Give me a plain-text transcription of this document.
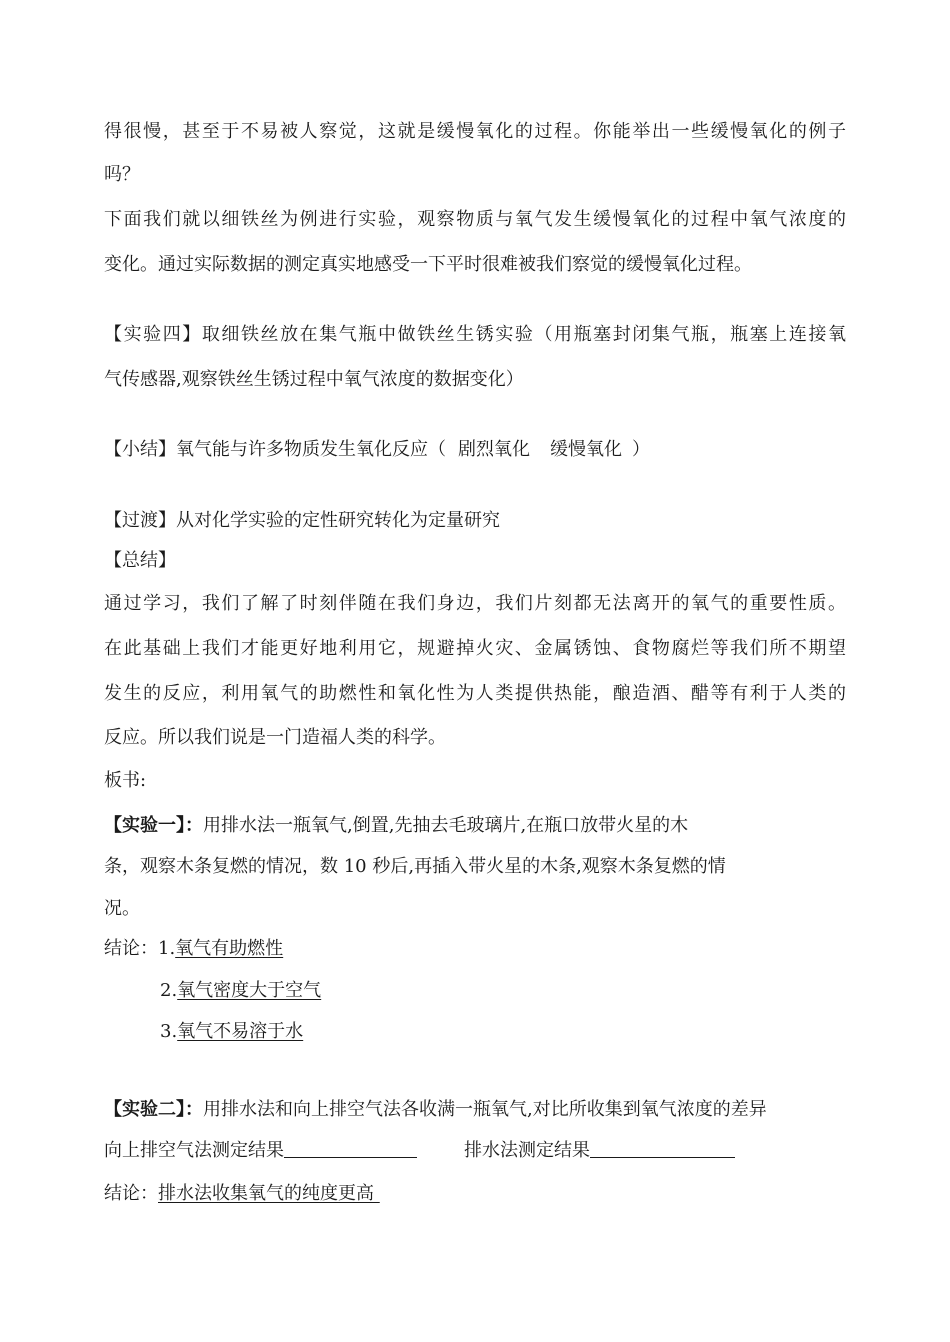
得很慢，甚至于不易被人察觉，这就是缓慢氧化的过程。你能举出一些缓慢氧化的例子
吗？
下面我们就以细铁丝为例进行实验，观察物质与氧气发生缓慢氧化的过程中氧气浓度的
变化。通过实际数据的测定真实地感受一下平时很难被我们察觉的缓慢氧化过程。
【实验四】取细铁丝放在集气瓶中做铁丝生锈实验（用瓶塞封闭集气瓶，瓶塞上连接氧
气传感器,观察铁丝生锈过程中氧气浓度的数据变化）
【小结】氧气能与许多物质发生氧化反应（ 剧烈氧化 缓慢氧化 ）
【过渡】从对化学实验的定性研究转化为定量研究
【总结】
通过学习，我们了解了时刻伴随在我们身边，我们片刻都无法离开的氧气的重要性质。
在此基础上我们才能更好地利用它，规避掉火灾、金属锈蚀、食物腐烂等我们所不期望
发生的反应，利用氧气的助燃性和氧化性为人类提供热能，酿造酒、醋等有利于人类的
反应。所以我们说是一门造福人类的科学。
板书:
【实验一】：用排水法一瓶氧气,倒置,先抽去毛玻璃片,在瓶口放带火星的木
条，观察木条复燃的情况，数 10 秒后,再插入带火星的木条,观察木条复燃的情
况。
结论：1.氧气有助燃性
2.氧气密度大于空气
3.氧气不易溶于水
【实验二】：用排水法和向上排空气法各收满一瓶氧气,对比所收集到氧气浓度的差异
向上排空气法测定结果	排水法测定结果
结论：排水法收集氧气的纯度更高
